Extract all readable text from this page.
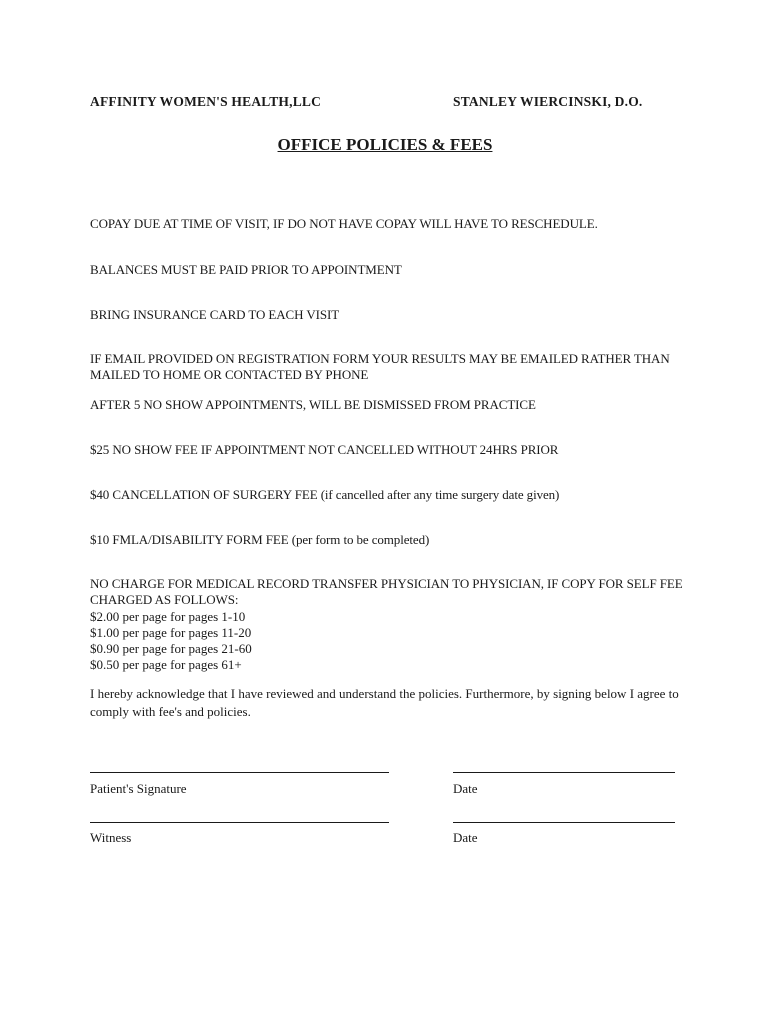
AFFINITY WOMEN'S HEALTH,LLC	STANLEY WIERCINSKI, D.O.
OFFICE POLICIES & FEES
COPAY DUE AT TIME OF VISIT, IF DO NOT HAVE COPAY WILL HAVE TO RESCHEDULE.
BALANCES MUST BE PAID PRIOR TO APPOINTMENT
BRING INSURANCE CARD TO EACH VISIT
IF EMAIL PROVIDED ON REGISTRATION FORM YOUR RESULTS MAY BE EMAILED RATHER THAN MAILED TO HOME OR CONTACTED BY PHONE
AFTER 5 NO SHOW APPOINTMENTS, WILL BE DISMISSED FROM PRACTICE
$25 NO SHOW FEE IF APPOINTMENT NOT CANCELLED WITHOUT 24HRS PRIOR
$40 CANCELLATION OF SURGERY FEE (if cancelled after any time surgery date given)
$10 FMLA/DISABILITY FORM FEE (per form to be completed)
NO CHARGE FOR MEDICAL RECORD TRANSFER PHYSICIAN TO PHYSICIAN, IF COPY FOR SELF FEE CHARGED AS FOLLOWS:
$2.00 per page for pages 1-10
$1.00 per page for pages 11-20
$0.90 per page for pages 21-60
$0.50 per page for pages 61+
I hereby acknowledge that I have reviewed and understand the policies. Furthermore, by signing below I agree to comply with fee's and policies.
Patient's Signature	Date
Witness	Date
